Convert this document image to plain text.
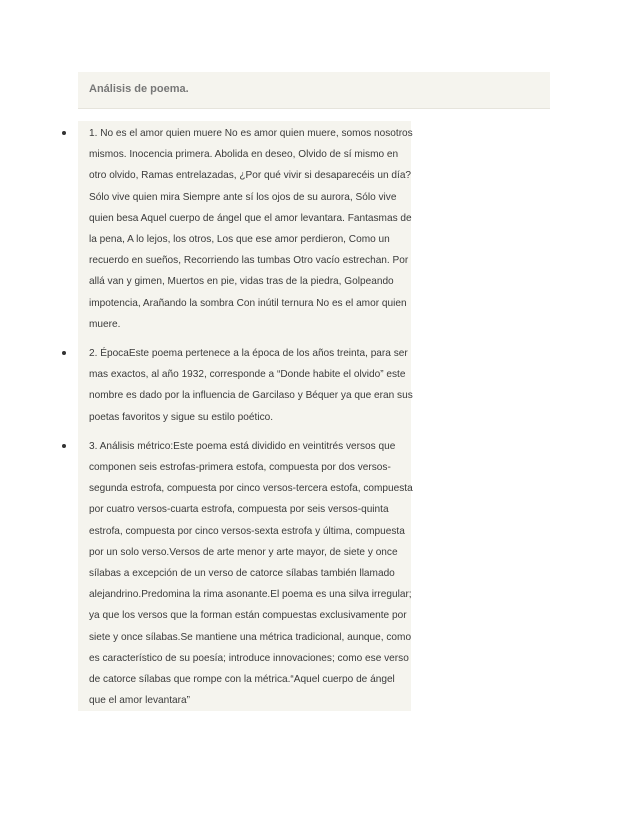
Análisis de poema.

1. No es el amor quien muere No es amor quien muere, somos nosotros mismos. Inocencia primera. Abolida en deseo, Olvido de sí mismo en otro olvido, Ramas entrelazadas, ¿Por qué vivir si desaparecéis un día? Sólo vive quien mira Siempre ante sí los ojos de su aurora, Sólo vive quien besa Aquel cuerpo de ángel que el amor levantara. Fantasmas de la pena, A lo lejos, los otros, Los que ese amor perdieron, Como un recuerdo en sueños, Recorriendo las tumbas Otro vacío estrechan. Por allá van y gimen, Muertos en pie, vidas tras de la piedra, Golpeando impotencia, Arañando la sombra Con inútil ternura No es el amor quien muere.
2. ÉpocaEste poema pertenece a la época de los años treinta, para ser mas exactos, al año 1932, corresponde a “Donde habite el olvido” este nombre es dado por la influencia de Garcilaso y Béquer ya que eran sus poetas favoritos y sigue su estilo poético.
3. Análisis métrico:Este poema está dividido en veintitrés versos que componen seis estrofas-primera estofa, compuesta por dos versos-segunda estrofa, compuesta por cinco versos-tercera estofa, compuesta por cuatro versos-cuarta estrofa, compuesta por seis versos-quinta estrofa, compuesta por cinco versos-sexta estrofa y última, compuesta por un solo verso.Versos de arte menor y arte mayor, de siete y once sílabas a excepción de un verso de catorce sílabas también llamado alejandrino.Predomina la rima asonante.El poema es una silva irregular; ya que los versos que la forman están compuestas exclusivamente por siete y once sílabas.Se mantiene una métrica tradicional, aunque, como es característico de su poesía; introduce innovaciones; como ese verso de catorce sílabas que rompe con la métrica.“Aquel cuerpo de ángel que el amor levantara”
